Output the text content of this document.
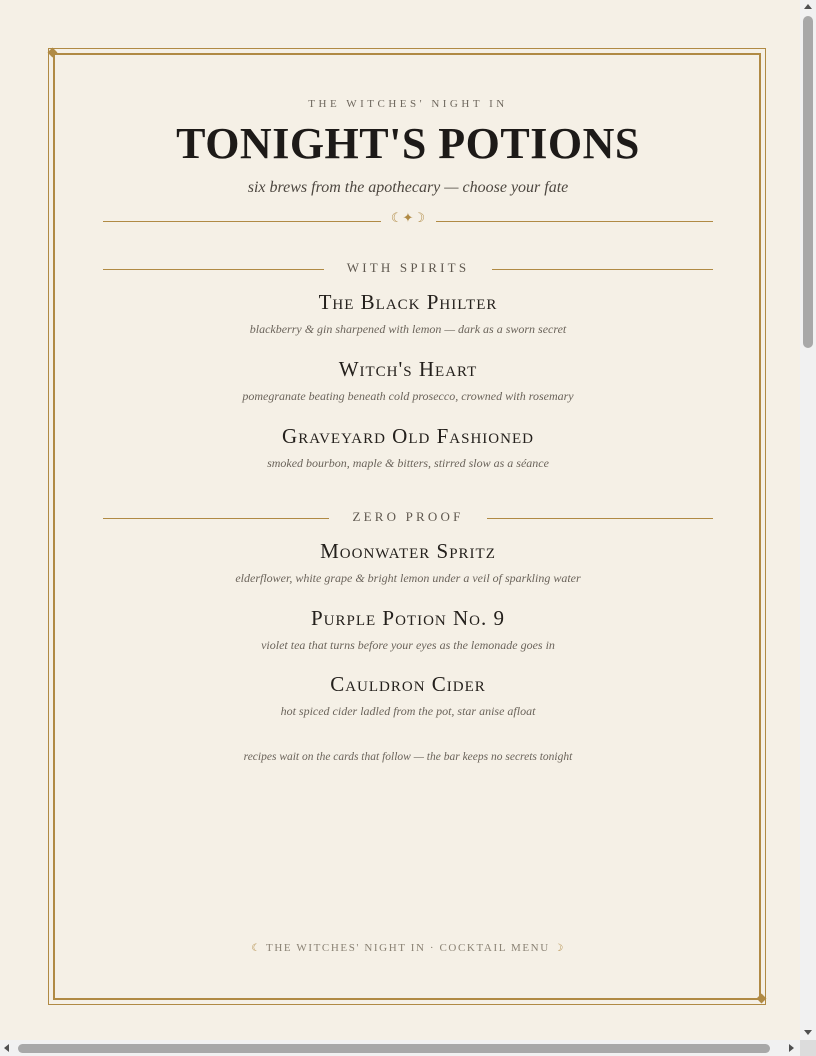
THE WITCHES' NIGHT IN
TONIGHT'S POTIONS
six brews from the apothecary — choose your fate
☾✦☽
WITH SPIRITS
The Black Philter
blackberry & gin sharpened with lemon — dark as a sworn secret
Witch's Heart
pomegranate beating beneath cold prosecco, crowned with rosemary
Graveyard Old Fashioned
smoked bourbon, maple & bitters, stirred slow as a séance
ZERO PROOF
Moonwater Spritz
elderflower, white grape & bright lemon under a veil of sparkling water
Purple Potion No. 9
violet tea that turns before your eyes as the lemonade goes in
Cauldron Cider
hot spiced cider ladled from the pot, star anise afloat
recipes wait on the cards that follow — the bar keeps no secrets tonight
☾ THE WITCHES' NIGHT IN · COCKTAIL MENU ☽
